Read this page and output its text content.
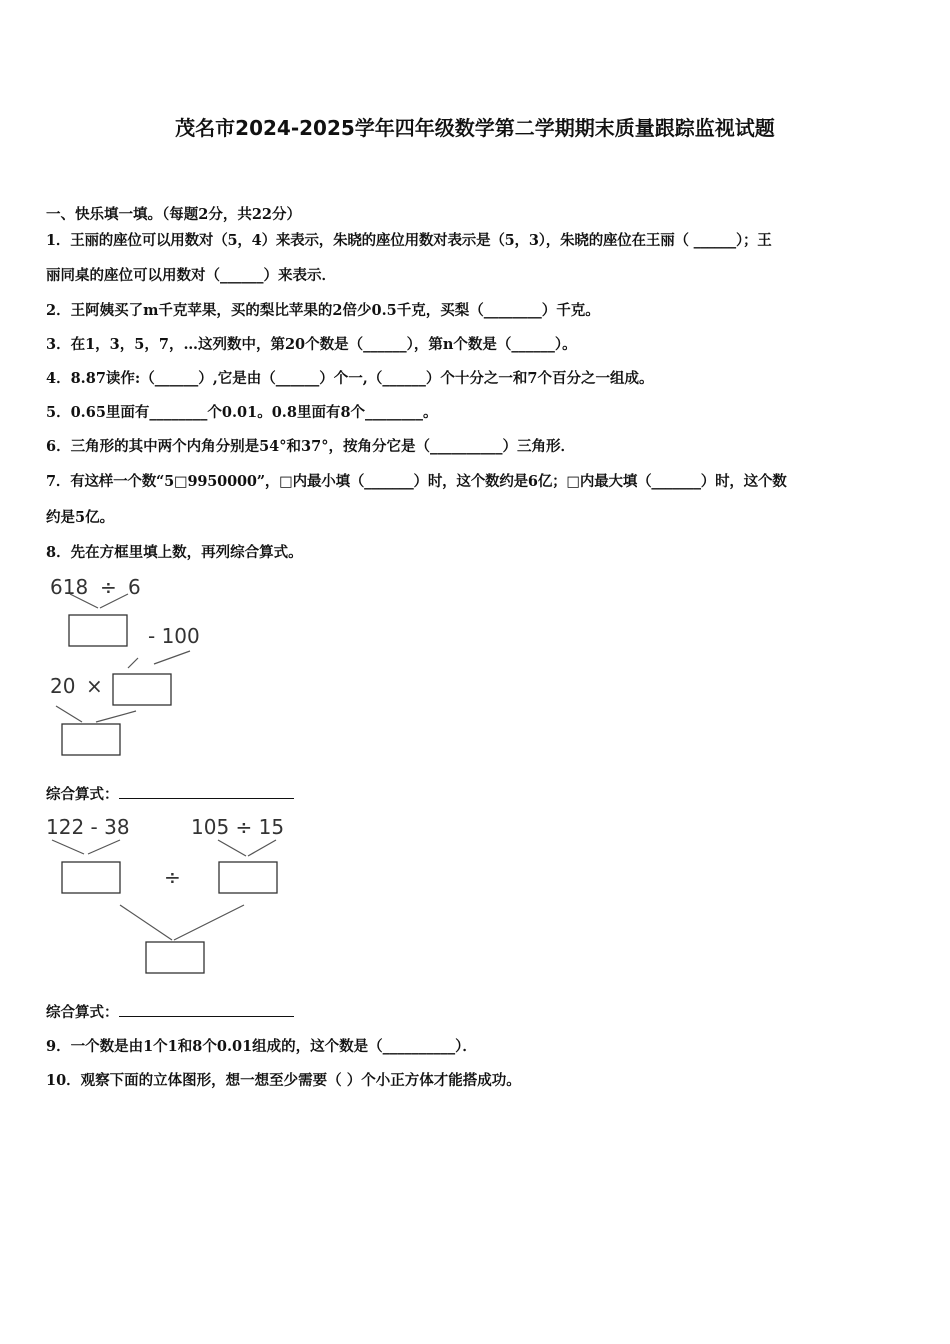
茂名市2024-2025学年四年级数学第二学期期末质量跟踪监视试题
一、快乐填一填。（每题2分，共22分）
1．王丽的座位可以用数对（5，4）来表示，朱晓的座位用数对表示是（5，3），朱晓的座位在王丽（ ______）；王
丽同桌的座位可以用数对（______）来表示．
2．王阿姨买了m千克苹果，买的梨比苹果的2倍少0.5千克，买梨（________）千克。
3．在1，3，5，7，…这列数中，第20个数是（______），第n个数是（______）。
4．8.87读作:（______）,它是由（______）个一,（______）个十分之一和7个百分之一组成。
5．0.65里面有________个0.01。0.8里面有8个________。
6．三角形的其中两个内角分别是54°和37°，按角分它是（__________）三角形．
7．有这样一个数“5□9950000”，□内最小填（_______）时，这个数约是6亿；□内最大填（_______）时，这个数
约是5亿。
8．先在方框里填上数，再列综合算式。
618 ÷ 6
- 100
20 ×
综合算式：
122 - 38	105 ÷ 15
÷
综合算式：
9．一个数是由1个1和8个0.01组成的，这个数是（__________）．
10．观察下面的立体图形，想一想至少需要（ ）个小正方体才能搭成功。
